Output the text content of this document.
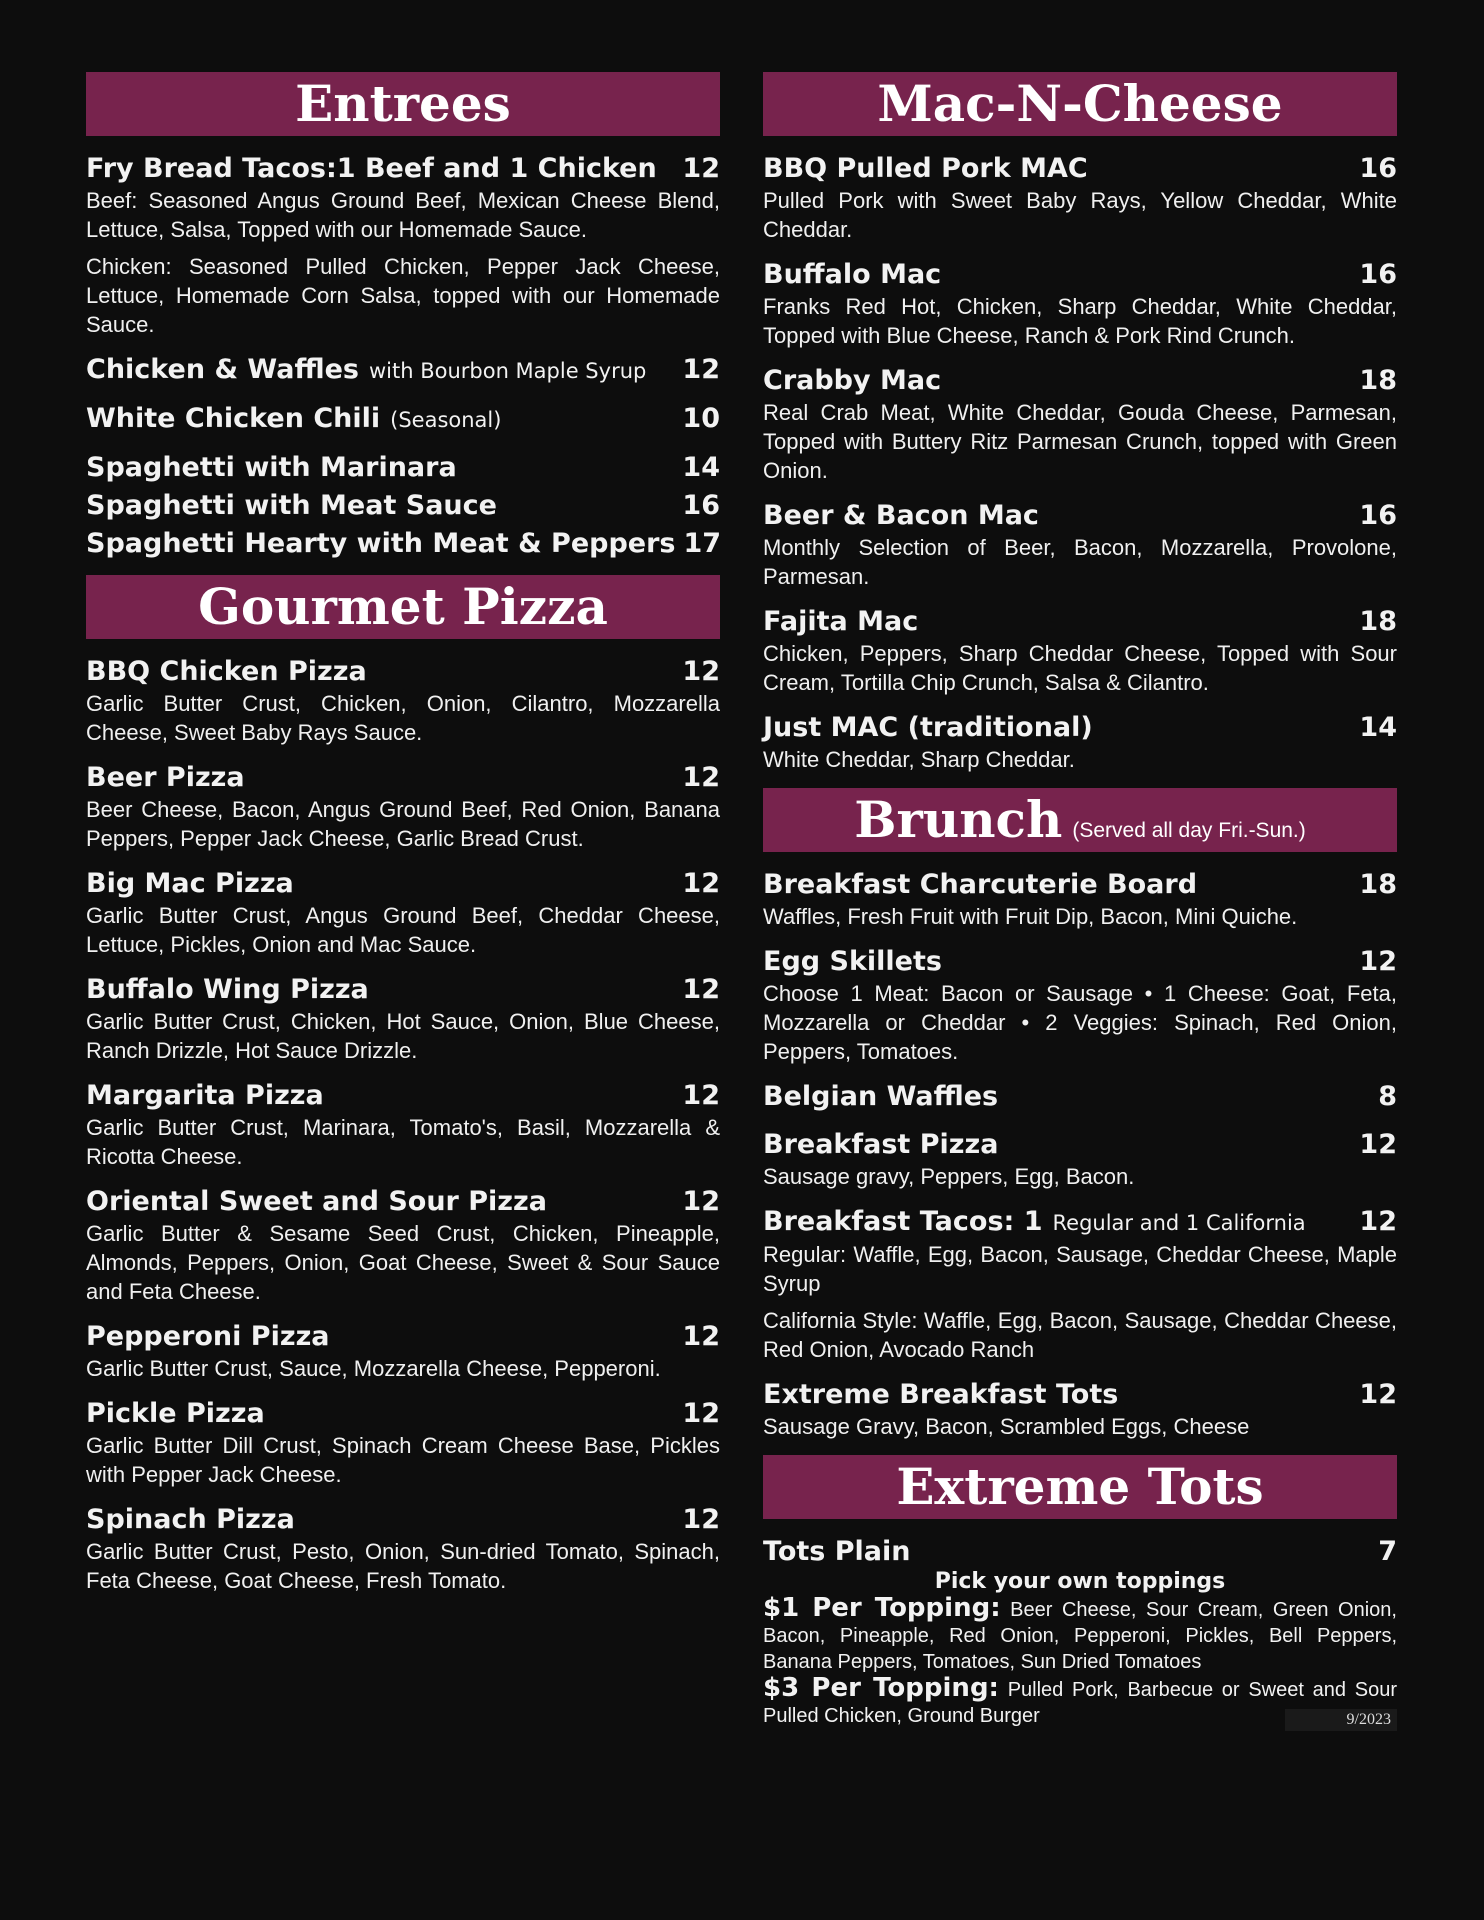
Entrees
Fry Bread Tacos:1 Beef and 1 Chicken 12
Beef: Seasoned Angus Ground Beef, Mexican Cheese Blend, Lettuce, Salsa, Topped with our Homemade Sauce.
Chicken: Seasoned Pulled Chicken, Pepper Jack Cheese, Lettuce, Homemade Corn Salsa, topped with our Homemade Sauce.
Chicken & Waffles with Bourbon Maple Syrup 12
White Chicken Chili (Seasonal)	10
Spaghetti with Marinara	14
Spaghetti with Meat Sauce	16
Spaghetti Hearty with Meat & Peppers 17
Gourmet Pizza
BBQ Chicken Pizza	12
Garlic Butter Crust, Chicken, Onion, Cilantro, Mozzarella Cheese, Sweet Baby Rays Sauce.
Beer Pizza	12
Beer Cheese, Bacon, Angus Ground Beef, Red Onion, Banana Peppers, Pepper Jack Cheese, Garlic Bread Crust.
Big Mac Pizza	12
Garlic Butter Crust, Angus Ground Beef, Cheddar Cheese, Lettuce, Pickles, Onion and Mac Sauce.
Buffalo Wing Pizza	12
Garlic Butter Crust, Chicken, Hot Sauce, Onion, Blue Cheese, Ranch Drizzle, Hot Sauce Drizzle.
Margarita Pizza	12
Garlic Butter Crust, Marinara, Tomato's, Basil, Mozzarella & Ricotta Cheese.
Oriental Sweet and Sour Pizza	12
Garlic Butter & Sesame Seed Crust, Chicken, Pineapple, Almonds, Peppers, Onion, Goat Cheese, Sweet & Sour Sauce and Feta Cheese.
Pepperoni Pizza	12
Garlic Butter Crust, Sauce, Mozzarella Cheese, Pepperoni.
Pickle Pizza	12
Garlic Butter Dill Crust, Spinach Cream Cheese Base, Pickles with Pepper Jack Cheese.
Spinach Pizza	12
Garlic Butter Crust, Pesto, Onion, Sun-dried Tomato, Spinach, Feta Cheese, Goat Cheese, Fresh Tomato.
Mac-N-Cheese
BBQ Pulled Pork MAC	16
Pulled Pork with Sweet Baby Rays, Yellow Cheddar, White Cheddar.
Buffalo Mac	16
Franks Red Hot, Chicken, Sharp Cheddar, White Cheddar, Topped with Blue Cheese, Ranch & Pork Rind Crunch.
Crabby Mac	18
Real Crab Meat, White Cheddar, Gouda Cheese, Parmesan, Topped with Buttery Ritz Parmesan Crunch, topped with Green Onion.
Beer & Bacon Mac	16
Monthly Selection of Beer, Bacon, Mozzarella, Provolone, Parmesan.
Fajita Mac	18
Chicken, Peppers, Sharp Cheddar Cheese, Topped with Sour Cream, Tortilla Chip Crunch, Salsa & Cilantro.
Just MAC (traditional)	14
White Cheddar, Sharp Cheddar.
Brunch (Served all day Fri.-Sun.)
Breakfast Charcuterie Board	18
Waffles, Fresh Fruit with Fruit Dip, Bacon, Mini Quiche.
Egg Skillets	12
Choose 1 Meat: Bacon or Sausage • 1 Cheese: Goat, Feta, Mozzarella or Cheddar • 2 Veggies: Spinach, Red Onion, Peppers, Tomatoes.
Belgian Waffles	8
Breakfast Pizza	12
Sausage gravy, Peppers, Egg, Bacon.
Breakfast Tacos: 1 Regular and 1 California 12
Regular: Waffle, Egg, Bacon, Sausage, Cheddar Cheese, Maple Syrup
California Style: Waffle, Egg, Bacon, Sausage, Cheddar Cheese, Red Onion, Avocado Ranch
Extreme Breakfast Tots	12
Sausage Gravy, Bacon, Scrambled Eggs, Cheese
Extreme Tots
Tots Plain	7
Pick your own toppings
$1 Per Topping: Beer Cheese, Sour Cream, Green Onion, Bacon, Pineapple, Red Onion, Pepperoni, Pickles, Bell Peppers, Banana Peppers, Tomatoes, Sun Dried Tomatoes
$3 Per Topping: Pulled Pork, Barbecue or Sweet and Sour Pulled Chicken, Ground Burger	9/2023
